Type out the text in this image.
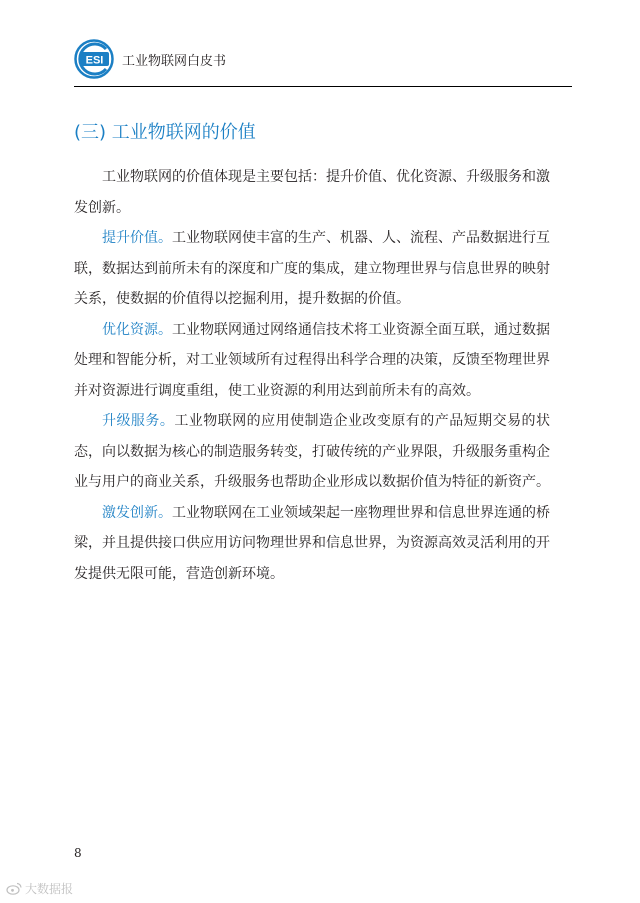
ESI 工业物联网白皮书
(三) 工业物联网的价值

工业物联网的价值体现是主要包括：提升价值、优化资源、升级服务和激发创新。

提升价值。工业物联网使丰富的生产、机器、人、流程、产品数据进行互联，数据达到前所未有的深度和广度的集成，建立物理世界与信息世界的映射关系，使数据的价值得以挖掘利用，提升数据的价值。

优化资源。工业物联网通过网络通信技术将工业资源全面互联，通过数据处理和智能分析，对工业领域所有过程得出科学合理的决策，反馈至物理世界并对资源进行调度重组，使工业资源的利用达到前所未有的高效。

升级服务。工业物联网的应用使制造企业改变原有的产品短期交易的状态，向以数据为核心的制造服务转变，打破传统的产业界限，升级服务重构企业与用户的商业关系，升级服务也帮助企业形成以数据价值为特征的新资产。

激发创新。工业物联网在工业领域架起一座物理世界和信息世界连通的桥梁，并且提供接口供应用访问物理世界和信息世界，为资源高效灵活利用的开发提供无限可能，营造创新环境。

8
大数据报
